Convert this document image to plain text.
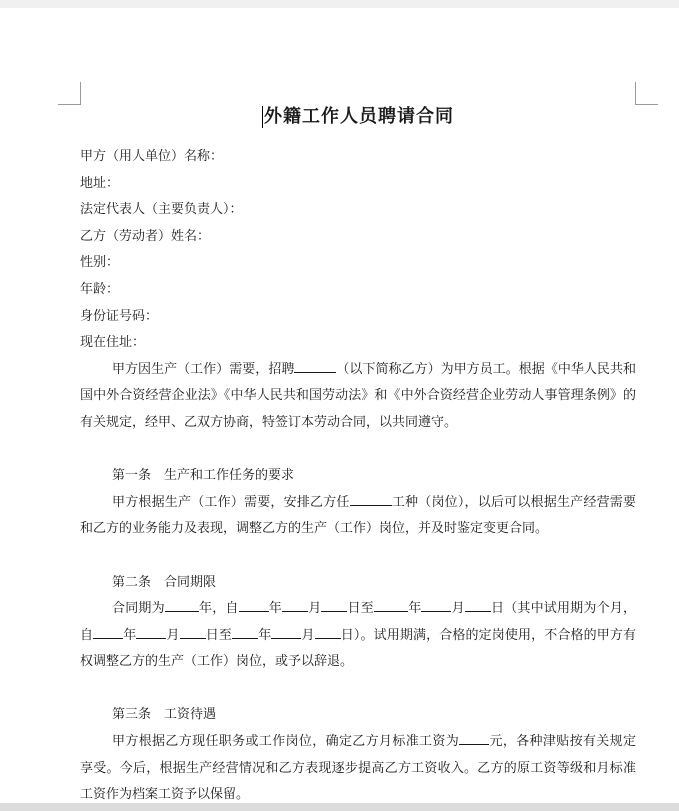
外籍工作人员聘请合同
甲方（用人单位）名称：
地址：
法定代表人（主要负责人）：
乙方（劳动者）姓名：
性别：
年龄：
身份证号码：
现在住址：

甲方因生产（工作）需要，招聘	（以下简称乙方）为甲方员工。根据《中华人民共和国中外合资经营企业法》《中华人民共和国劳动法》和《中外合资经营企业劳动人事管理条例》的有关规定，经甲、乙双方协商，特签订本劳动合同，以共同遵守。

第一条　生产和工作任务的要求

甲方根据生产（工作）需要，安排乙方任	工种（岗位），以后可以根据生产经营需要和乙方的业务能力及表现，调整乙方的生产（工作）岗位，并及时鉴定变更合同。

第二条　合同期限

合同期为	年，自 年 月 日至	年 月 日（其中试用期为个月，自 年 月 日至 年 月 日）。试用期满，合格的定岗使用，不合格的甲方有权调整乙方的生产（工作）岗位，或予以辞退。

第三条　工资待遇

甲方根据乙方现任职务或工作岗位，确定乙方月标准工资为 元，各种津贴按有关规定享受。今后，根据生产经营情况和乙方表现逐步提高乙方工资收入。乙方的原工资等级和月标准工资作为档案工资予以保留。
